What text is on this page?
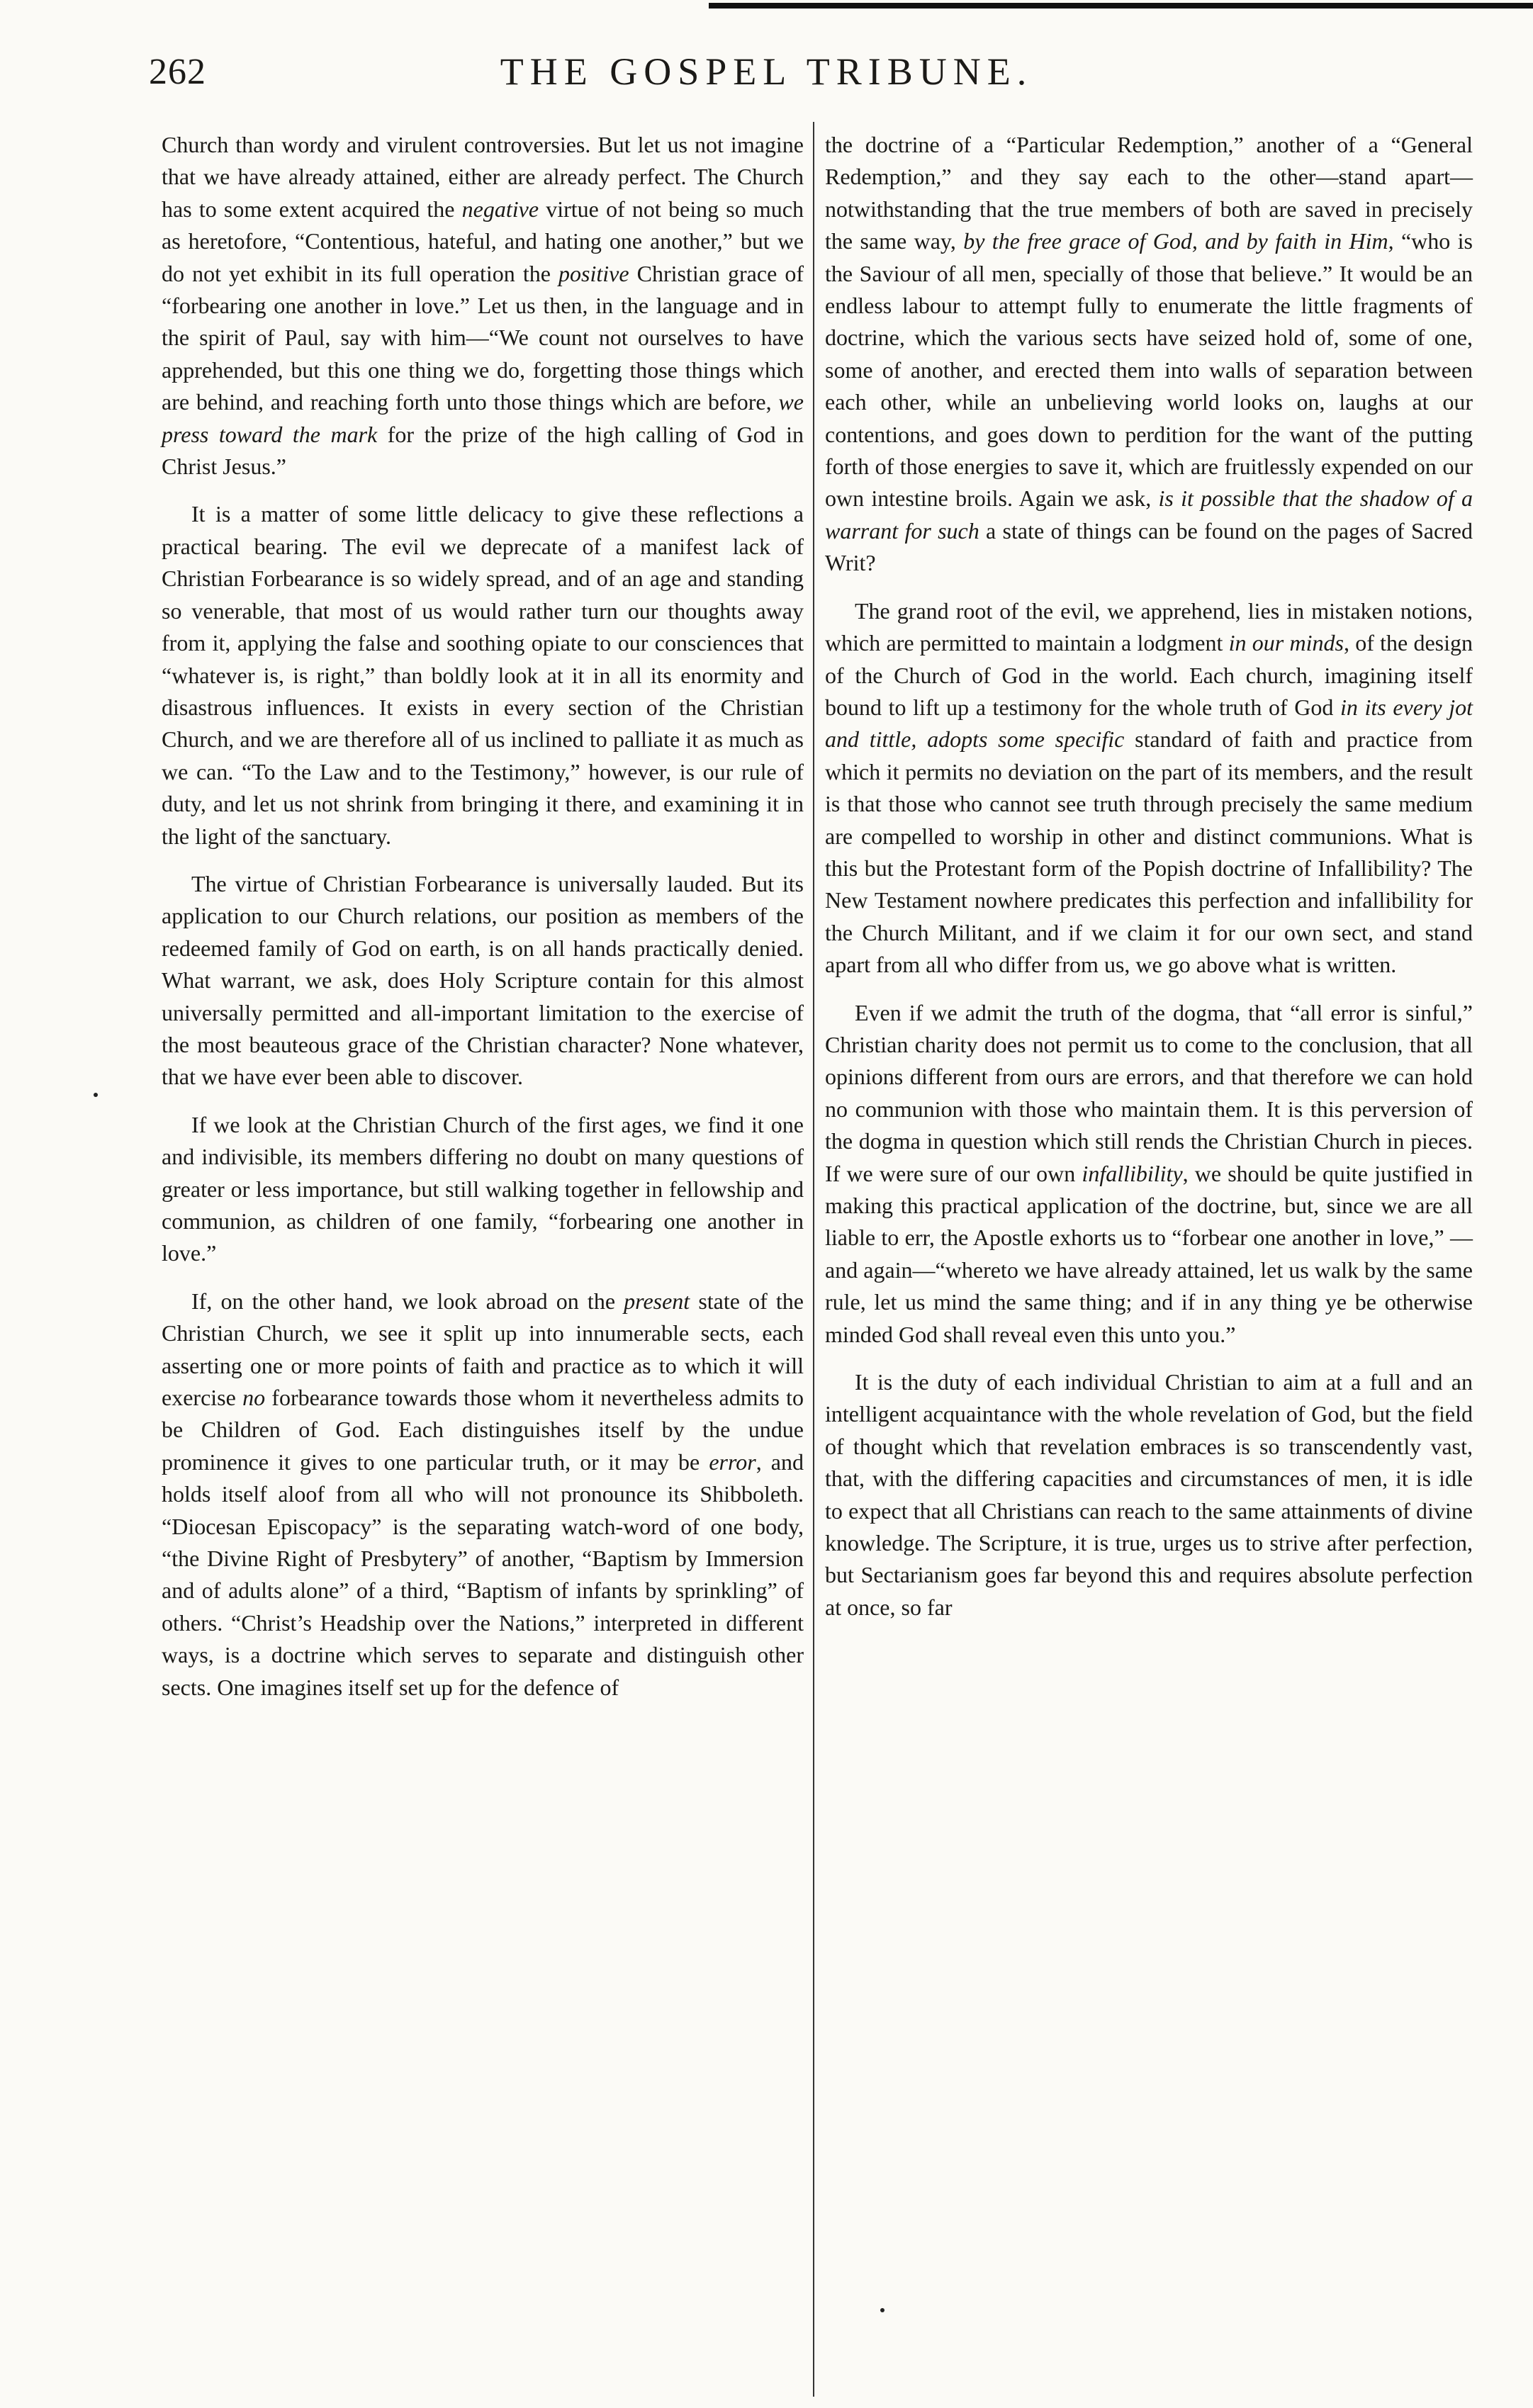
262	THE GOSPEL TRIBUNE.

Church than wordy and virulent controversies. But let us not imagine that we have already attained, either are already perfect. The Church has to some extent acquired the negative virtue of not being so much as heretofore, “Contentious, hateful, and hating one another,” but we do not yet exhibit in its full operation the positive Christian grace of “forbearing one another in love.” Let us then, in the language and in the spirit of Paul, say with him—“We count not ourselves to have apprehended, but this one thing we do, forgetting those things which are behind, and reaching forth unto those things which are before, we press toward the mark for the prize of the high calling of God in Christ Jesus.”

It is a matter of some little delicacy to give these reflections a practical bearing. The evil we deprecate of a manifest lack of Christian Forbearance is so widely spread, and of an age and standing so venerable, that most of us would rather turn our thoughts away from it, applying the false and soothing opiate to our consciences that “whatever is, is right,” than boldly look at it in all its enormity and disastrous influences. It exists in every section of the Christian Church, and we are therefore all of us inclined to palliate it as much as we can. “To the Law and to the Testimony,” however, is our rule of duty, and let us not shrink from bringing it there, and examining it in the light of the sanctuary.

The virtue of Christian Forbearance is universally lauded. But its application to our Church relations, our position as members of the redeemed family of God on earth, is on all hands practically denied. What warrant, we ask, does Holy Scripture contain for this almost universally permitted and all-important limitation to the exercise of the most beauteous grace of the Christian character? None whatever, that we have ever been able to discover.

If we look at the Christian Church of the first ages, we find it one and indivisible, its members differing no doubt on many questions of greater or less importance, but still walking together in fellowship and communion, as children of one family, “forbearing one another in love.”

If, on the other hand, we look abroad on the present state of the Christian Church, we see it split up into innumerable sects, each asserting one or more points of faith and practice as to which it will exercise no forbearance towards those whom it nevertheless admits to be Children of God. Each distinguishes itself by the undue prominence it gives to one particular truth, or it may be error, and holds itself aloof from all who will not pronounce its Shibboleth. “Diocesan Episcopacy” is the separating watch-word of one body, “the Divine Right of Presbytery” of another, “Baptism by Immersion and of adults alone” of a third, “Baptism of infants by sprinkling” of others. “Christ’s Headship over the Nations,” interpreted in different ways, is a doctrine which serves to separate and distinguish other sects. One imagines itself set up for the defence of

the doctrine of a “Particular Redemption,” another of a “General Redemption,” and they say each to the other—stand apart—notwithstanding that the true members of both are saved in precisely the same way, by the free grace of God, and by faith in Him, “who is the Saviour of all men, specially of those that believe.” It would be an endless labour to attempt fully to enumerate the little fragments of doctrine, which the various sects have seized hold of, some of one, some of another, and erected them into walls of separation between each other, while an unbelieving world looks on, laughs at our contentions, and goes down to perdition for the want of the putting forth of those energies to save it, which are fruitlessly expended on our own intestine broils. Again we ask, is it possible that the shadow of a warrant for such a state of things can be found on the pages of Sacred Writ?

The grand root of the evil, we apprehend, lies in mistaken notions, which are permitted to maintain a lodgment in our minds, of the design of the Church of God in the world. Each church, imagining itself bound to lift up a testimony for the whole truth of God in its every jot and tittle, adopts some specific standard of faith and practice from which it permits no deviation on the part of its members, and the result is that those who cannot see truth through precisely the same medium are compelled to worship in other and distinct communions. What is this but the Protestant form of the Popish doctrine of Infallibility? The New Testament nowhere predicates this perfection and infallibility for the Church Militant, and if we claim it for our own sect, and stand apart from all who differ from us, we go above what is written.

Even if we admit the truth of the dogma, that “all error is sinful,” Christian charity does not permit us to come to the conclusion, that all opinions different from ours are errors, and that therefore we can hold no communion with those who maintain them. It is this perversion of the dogma in question which still rends the Christian Church in pieces. If we were sure of our own infallibility, we should be quite justified in making this practical application of the doctrine, but, since we are all liable to err, the Apostle exhorts us to “forbear one another in love,” —and again—“whereto we have already attained, let us walk by the same rule, let us mind the same thing; and if in any thing ye be otherwise minded God shall reveal even this unto you.”

It is the duty of each individual Christian to aim at a full and an intelligent acquaintance with the whole revelation of God, but the field of thought which that revelation embraces is so transcendently vast, that, with the differing capacities and circumstances of men, it is idle to expect that all Christians can reach to the same attainments of divine knowledge. The Scripture, it is true, urges us to strive after perfection, but Sectarianism goes far beyond this and requires absolute perfection at once, so far
